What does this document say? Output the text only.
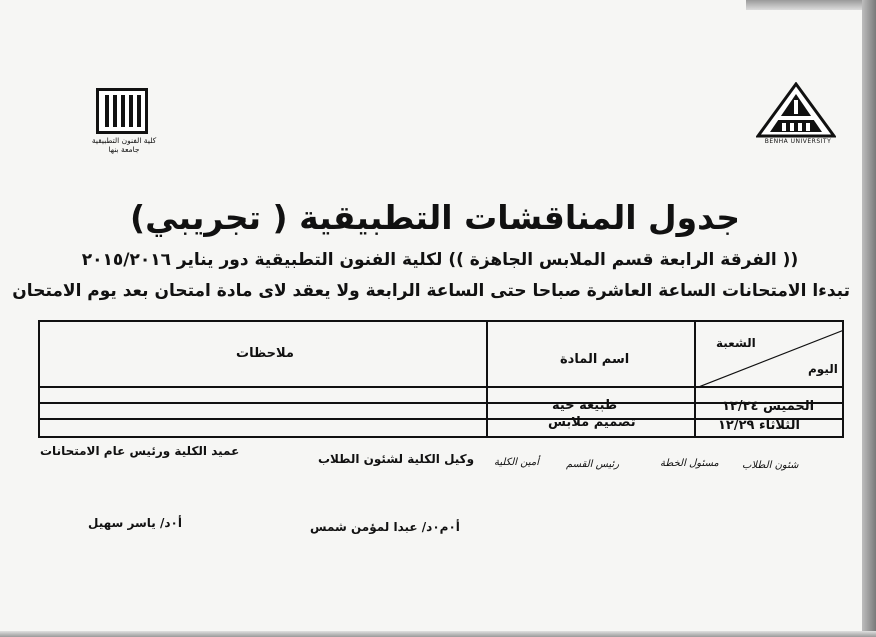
كلية الفنون التطبيقية
جامعة بنها
BENHA UNIVERSITY
جدول المناقشات التطبيقية ( تجريبي)
(( الفرقة الرابعة قسم الملابس الجاهزة )) لكلية الفنون التطبيقية دور يناير ٢٠١٥/٢٠١٦
تبدءا الامتحانات الساعة العاشرة صباحا حتى الساعة الرابعة ولا يعقد لاى مادة امتحان بعد يوم الامتحان
الشعبة
اليوم
اسم المادة
ملاحظات
الخميس ١٢/٢٤
طبيعة حية
الثلاثاء ١٢/٢٩
تصميم ملابس
شئون الطلاب
مسئول الخطة
رئيس القسم
أمين الكلية
وكيل الكلية لشئون الطلاب
عميد الكلية ورئيس عام الامتحانات
أ٠م٠د/ عبدا لمؤمن شمس
أ٠د/ ياسر سهيل
